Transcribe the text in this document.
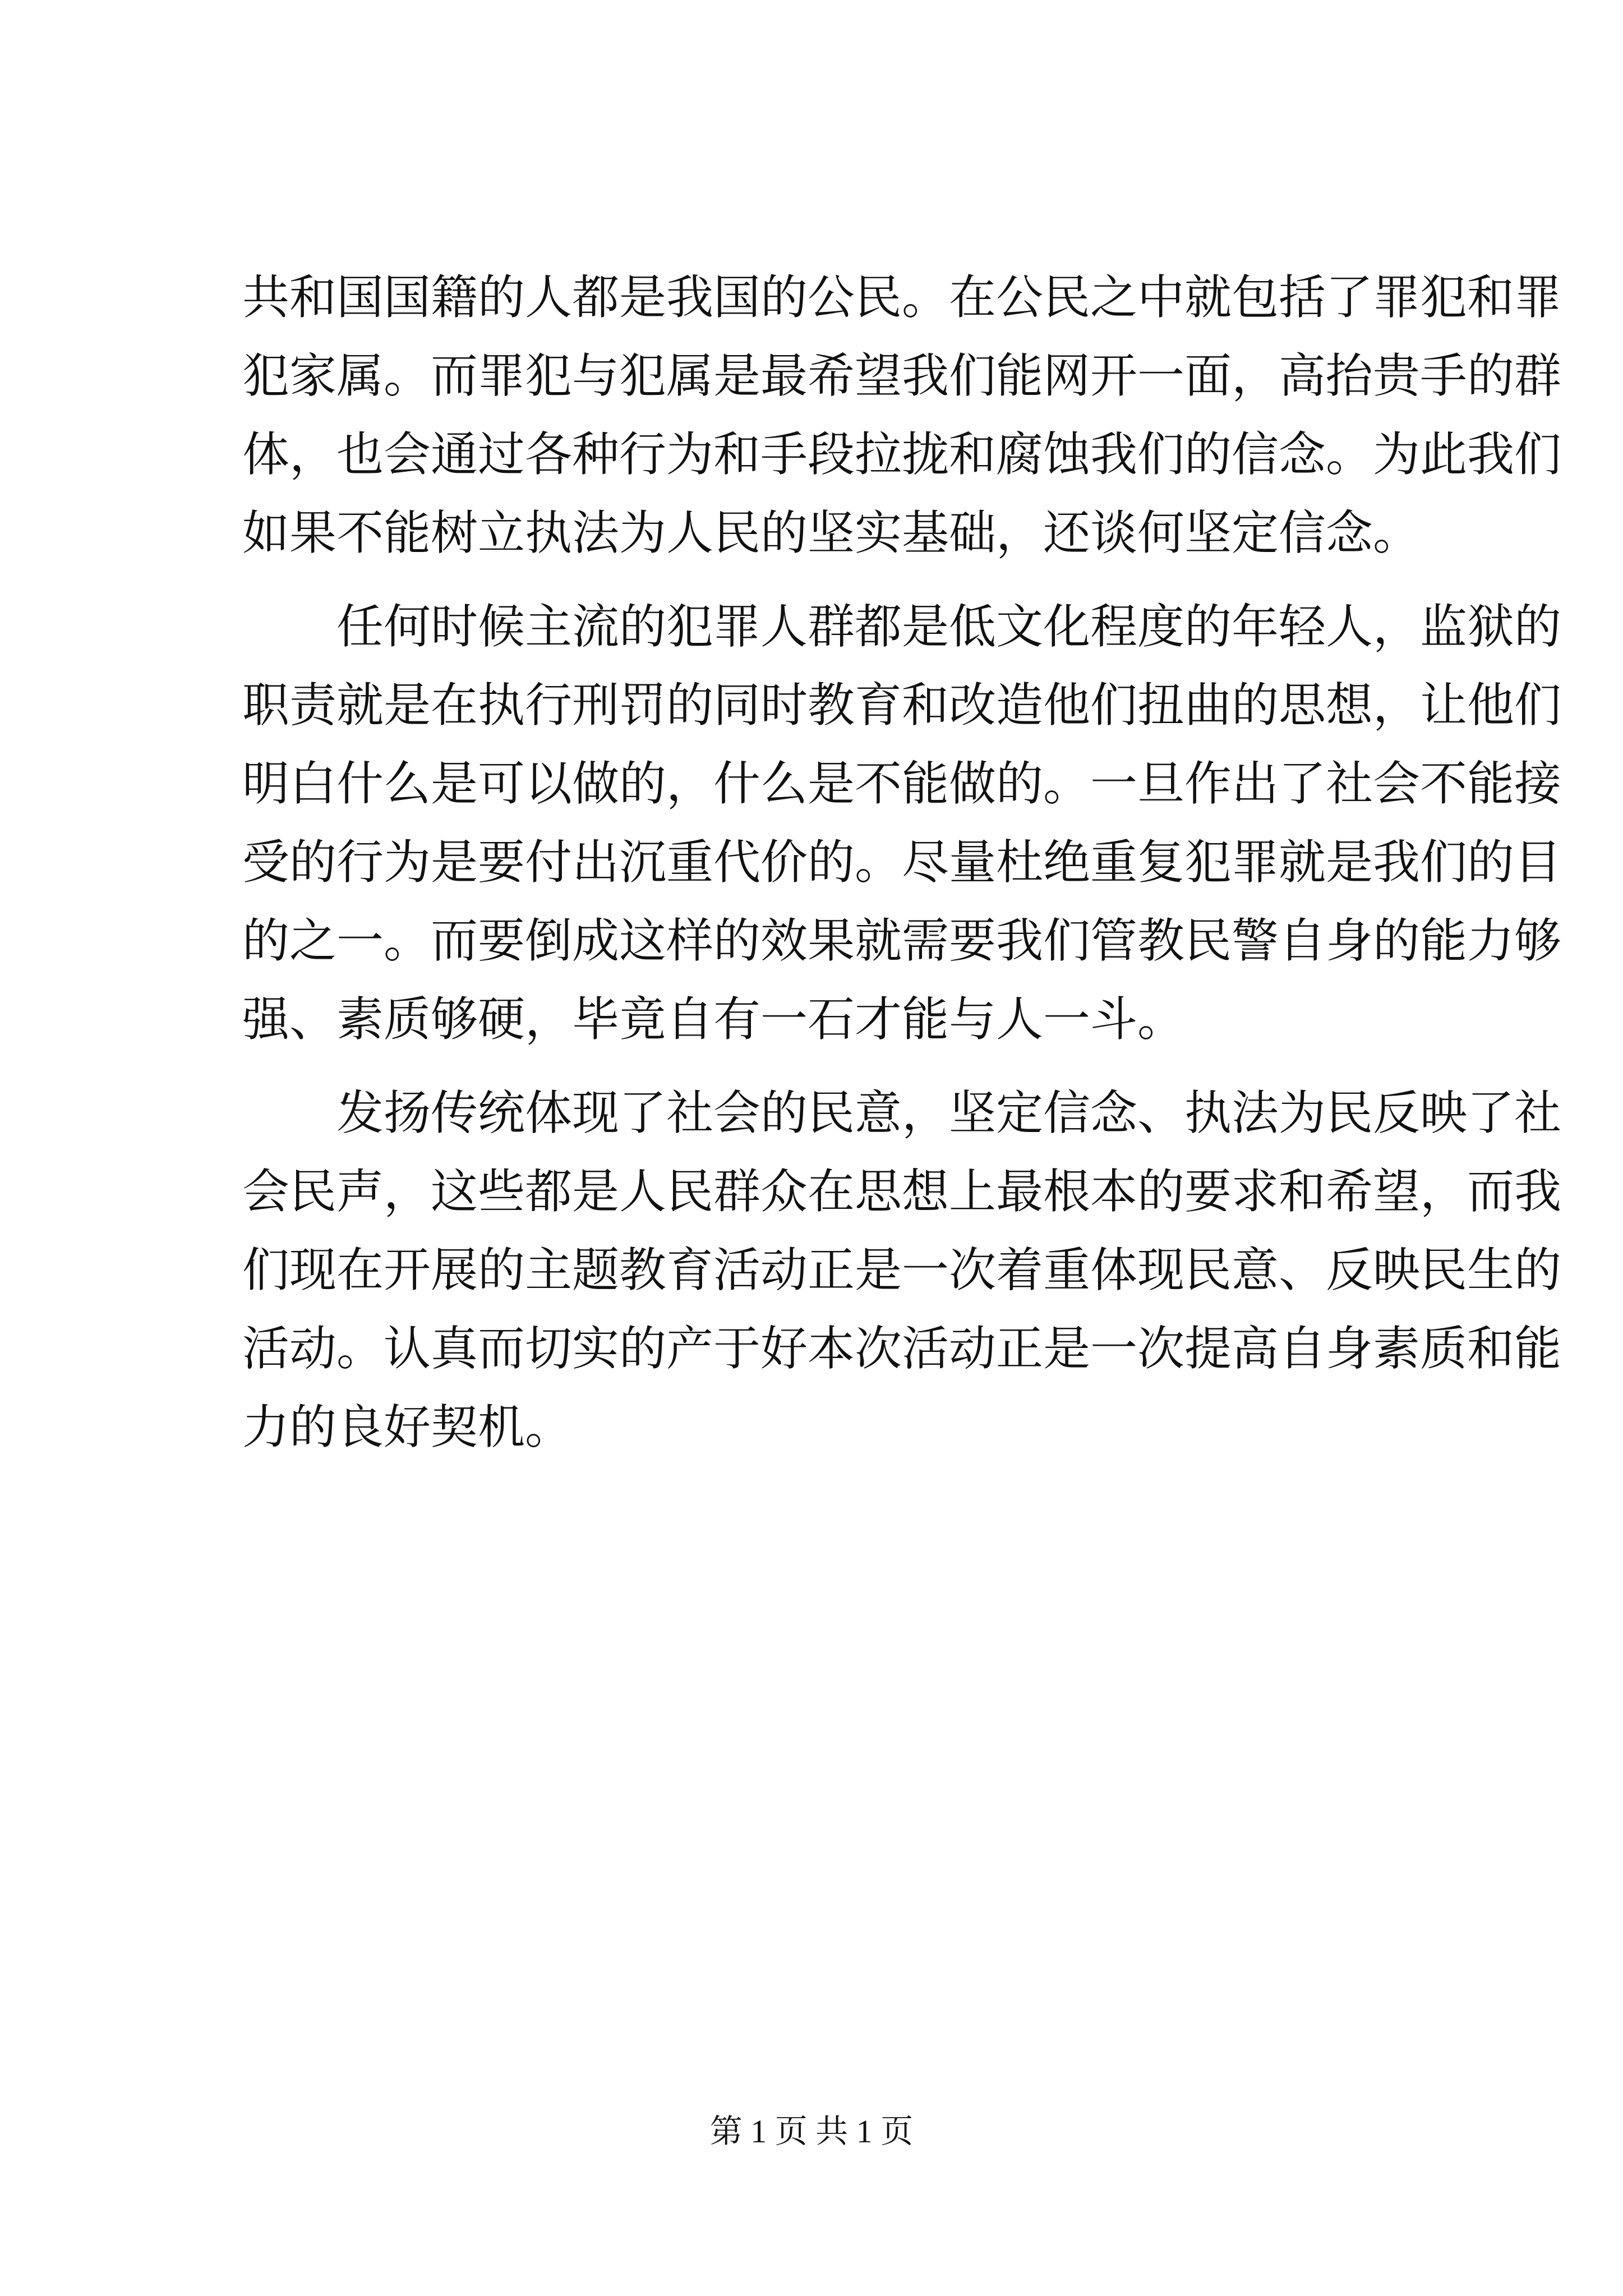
共和国国籍的人都是我国的公民。在公民之中就包括了罪犯和罪
犯家属。而罪犯与犯属是最希望我们能网开一面，高抬贵手的群
体，也会通过各种行为和手段拉拢和腐蚀我们的信念。为此我们
如果不能树立执法为人民的坚实基础，还谈何坚定信念。
　　任何时候主流的犯罪人群都是低文化程度的年轻人，监狱的
职责就是在执行刑罚的同时教育和改造他们扭曲的思想，让他们
明白什么是可以做的，什么是不能做的。一旦作出了社会不能接
受的行为是要付出沉重代价的。尽量杜绝重复犯罪就是我们的目
的之一。而要倒成这样的效果就需要我们管教民警自身的能力够
强、素质够硬，毕竟自有一石才能与人一斗。
　　发扬传统体现了社会的民意，坚定信念、执法为民反映了社
会民声，这些都是人民群众在思想上最根本的要求和希望，而我
们现在开展的主题教育活动正是一次着重体现民意、反映民生的
活动。认真而切实的产于好本次活动正是一次提高自身素质和能
力的良好契机。
第 1 页 共 1 页
